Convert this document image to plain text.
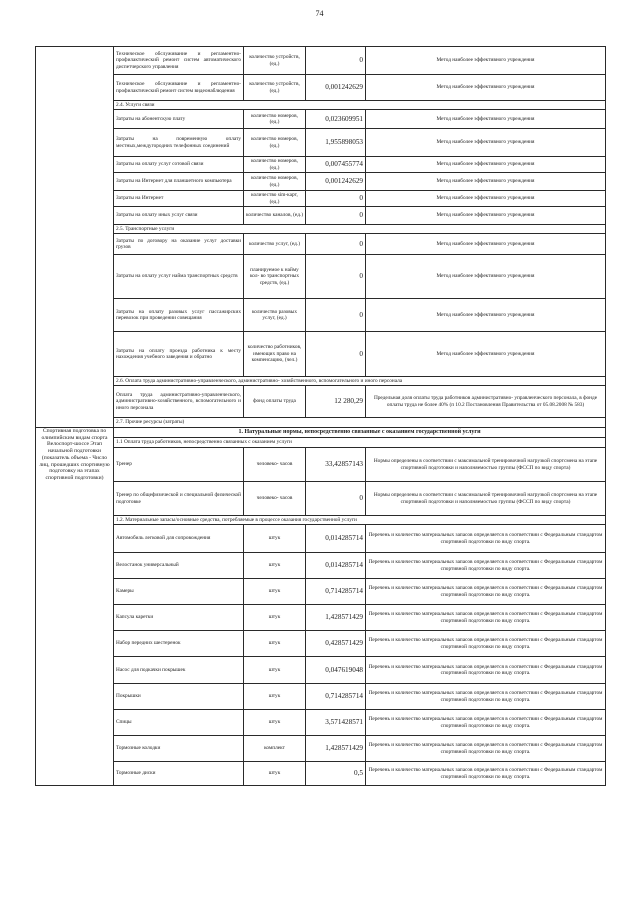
74
	Техническое обслуживание и регламентно- профилактический ремонт систем автоматического диспетчерского управления	количество устройств, (ед.)	0	Метод наиболее эффективного учреждения
	Техническое обслуживание и регламентно- профилактический ремонт систем видеонаблюдения	количество устройств, (ед.)	0,001242629	Метод наиболее эффективного учреждения
	2.4. Услуги связи			
	Затраты на абонентскую плату	количество номеров, (ед.)	0,023609951	Метод наиболее эффективного учреждения
	Затраты на повременную оплату местных,междугородних телефонных соединений	количество номеров, (ед.)	1,955898053	Метод наиболее эффективного учреждения
	Затраты на оплату услуг сотовой связи	количество номеров, (ед.)	0,007455774	Метод наиболее эффективного учреждения
	Затраты на Интернет для планшетного компьютера	количество номеров, (ед.)	0,001242629	Метод наиболее эффективного учреждения
	Затраты на Интернет	количество sim-карт, (ед.)	0	Метод наиболее эффективного учреждения
	Затраты на оплату иных услуг связи	количество каналов, (ед.)	0	Метод наиболее эффективного учреждения
	2.5. Транспортные услуги			
	Затраты по договору на оказание услуг доставки грузов	количество услуг, (ед.)	0	Метод наиболее эффективного учреждения
	Затраты на оплату услуг найма транспортных средств	планируемое к найму кол- во транспортных средств, (ед.)	0	Метод наиболее эффективного учреждения
	Затраты на оплату разовых услуг пассажирских перевозок при проведении совещания	количество разовых услуг, (ед.)	0	Метод наиболее эффективного учреждения
	Затраты на оплату проезда работника к месту нахождения учебного заведения и обратно	количество работников, имеющих право на компенсацию, (чел.)	0	Метод наиболее эффективного учреждения
	2.6. Оплата труда административно-управленческого, административно- хозяйственного, вспомогательного и иного персонала			
	Оплата труда административно-управленческого, административно-хозяйственного, вспомогательного и иного персонала	фонд оплаты труда	12 280,29	Предельная доля оплаты труда работников административно- управленческого персонала, в фонде оплаты труда не более 40% (п 10.2 Постановления Правительства от 05.08.2008 № 583)
	2.7. Прочие ресурсы (затраты)			
Спортивная подготовка по олимпийским видам спорта Велоспорт-шоссе Этап начальной подготовки (показатель объема - Число лиц, прошедших спортивную подготовку на этапах спортивной подготовки)	1. Натуральные нормы, непосредственно связанные с оказанием государственной услуги			
	1.1 Оплата труда работников, непосредственно связанных с оказанием услуги			
	Тренер	человеко- часов	33,42857143	Нормы определены в соответствии с максимальной тренировочной нагрузкой спортсмена на этапе спортивной подготовки и наполняемостью группы (ФССП по виду спорта)
	Тренер по общефизической и специальной физической подготовке	человеко- часов	0	Нормы определены в соответствии с максимальной тренировочной нагрузкой спортсмена на этапе спортивной подготовки и наполняемостью группы (ФССП по виду спорта)
	1.2. Материальные запасы/основные средства, потребляемые в процессе оказания государственной услуги			
	Автомобиль легковой для сопровождения	штук	0,014285714	Перечень и количество материальных запасов определяется в соответствии с Федеральным стандартом спортивной подготовки по виду спорта.
	Велостанок универсальный	штук	0,014285714	Перечень и количество материальных запасов определяется в соответствии с Федеральным стандартом спортивной подготовки по виду спорта.
	Камеры	штук	0,714285714	Перечень и количество материальных запасов определяется в соответствии с Федеральным стандартом спортивной подготовки по виду спорта.
	Капсула каретки	штук	1,428571429	Перечень и количество материальных запасов определяется в соответствии с Федеральным стандартом спортивной подготовки по виду спорта.
	Набор передних шестеренок	штук	0,428571429	Перечень и количество материальных запасов определяется в соответствии с Федеральным стандартом спортивной подготовки по виду спорта.
	Насос для подкачки покрышек	штук	0,047619048	Перечень и количество материальных запасов определяется в соответствии с Федеральным стандартом спортивной подготовки по виду спорта.
	Покрышки	штук	0,714285714	Перечень и количество материальных запасов определяется в соответствии с Федеральным стандартом спортивной подготовки по виду спорта.
	Спицы	штук	3,571428571	Перечень и количество материальных запасов определяется в соответствии с Федеральным стандартом спортивной подготовки по виду спорта.
	Тормозные колодки	комплект	1,428571429	Перечень и количество материальных запасов определяется в соответствии с Федеральным стандартом спортивной подготовки по виду спорта.
	Тормозные диски	штук	0,5	Перечень и количество материальных запасов определяется в соответствии с Федеральным стандартом спортивной подготовки по виду спорта.
